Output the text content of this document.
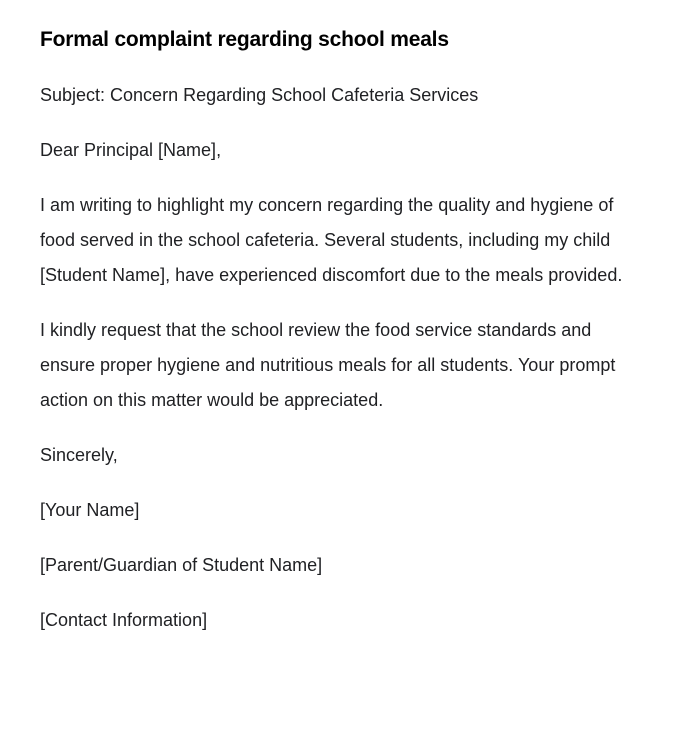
Formal complaint regarding school meals

Subject: Concern Regarding School Cafeteria Services

Dear Principal [Name],

I am writing to highlight my concern regarding the quality and hygiene of food served in the school cafeteria. Several students, including my child [Student Name], have experienced discomfort due to the meals provided.

I kindly request that the school review the food service standards and ensure proper hygiene and nutritious meals for all students. Your prompt action on this matter would be appreciated.

Sincerely,

[Your Name]

[Parent/Guardian of Student Name]

[Contact Information]
